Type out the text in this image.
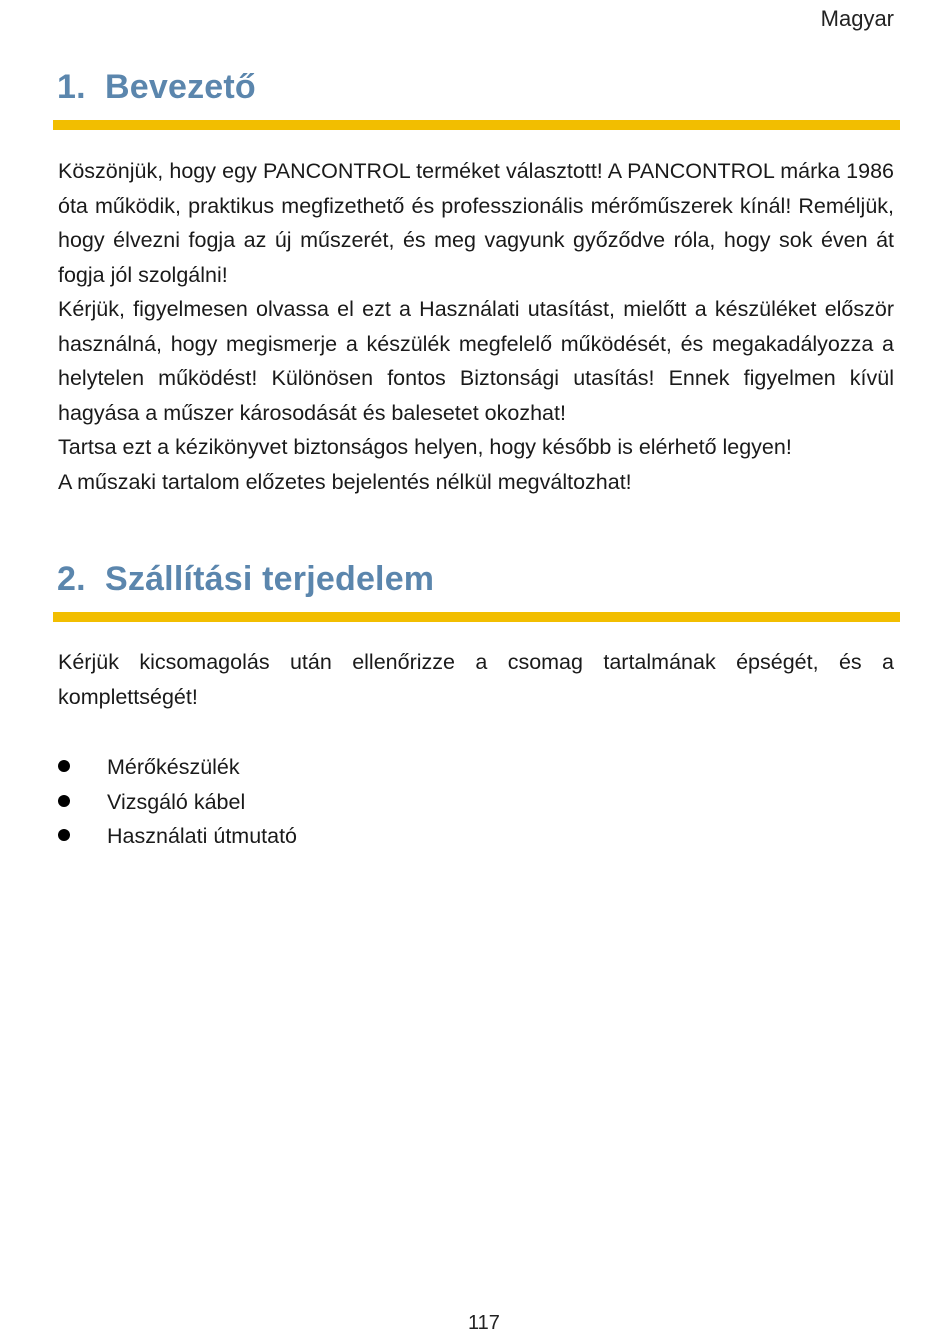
Magyar
1. Bevezető

Köszönjük, hogy egy PANCONTROL terméket választott! A PANCONTROL márka 1986 óta működik, praktikus megfizethető és professzionális mérőműszerek kínál! Reméljük, hogy élvezni fogja az új műszerét, és meg vagyunk győződve róla, hogy sok éven át fogja jól szolgálni!

Kérjük, figyelmesen olvassa el ezt a Használati utasítást, mielőtt a készüléket először használná, hogy megismerje a készülék megfelelő működését, és megakadályozza a helytelen működést! Különösen fontos Biztonsági utasítás! Ennek figyelmen kívül hagyása a műszer károsodását és balesetet okozhat!

Tartsa ezt a kézikönyvet biztonságos helyen, hogy később is elérhető legyen!

A műszaki tartalom előzetes bejelentés nélkül megváltozhat!

2. Szállítási terjedelem

Kérjük kicsomagolás után ellenőrizze a csomag tartalmának épségét, és a komplettségét!

Mérőkészülék
Vizsgáló kábel
Használati útmutató
117
